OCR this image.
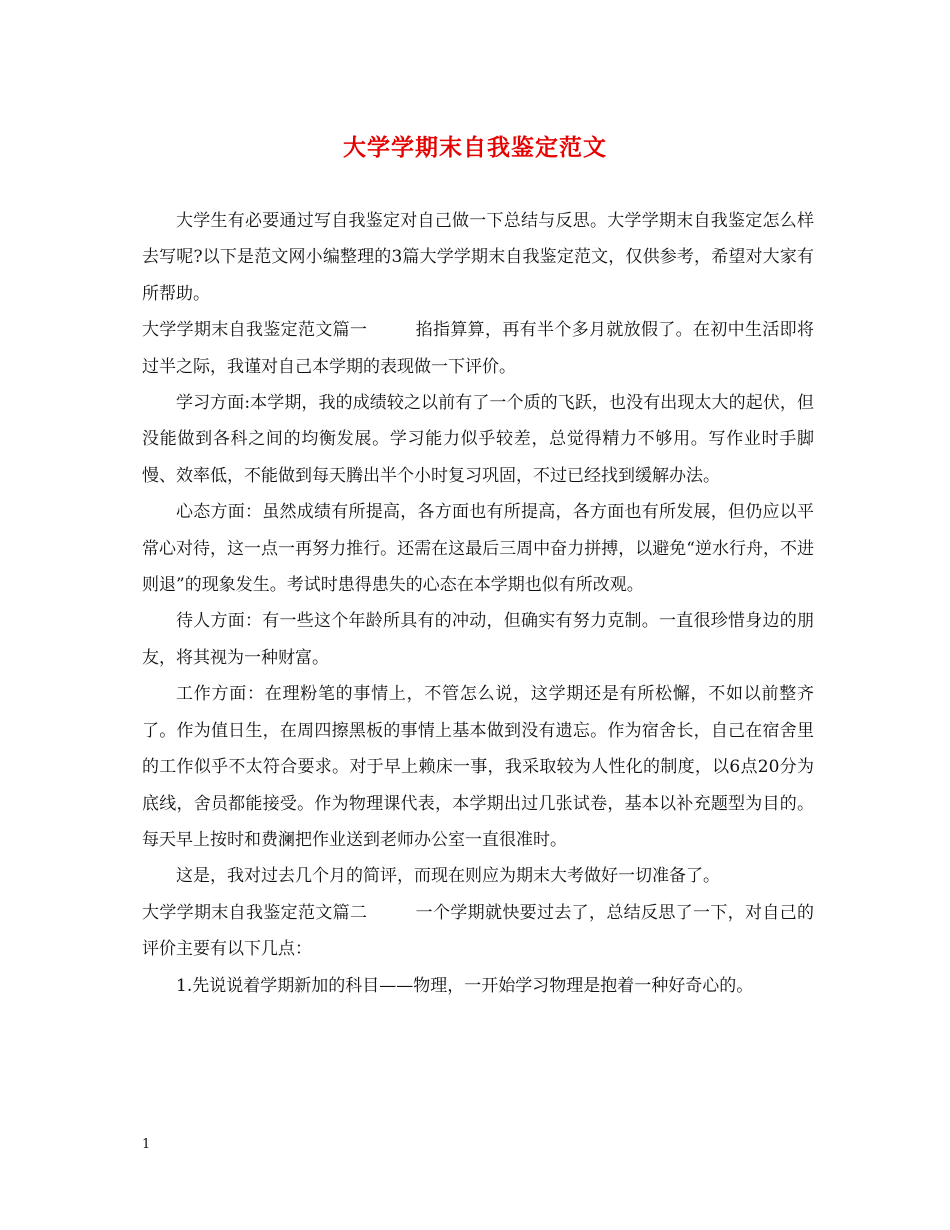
大学学期末自我鉴定范文

大学生有必要通过写自我鉴定对自己做一下总结与反思。大学学期末自我鉴定怎么样去写呢?以下是范文网小编整理的3篇大学学期末自我鉴定范文，仅供参考，希望对大家有所帮助。

大学学期末自我鉴定范文篇一	掐指算算，再有半个多月就放假了。在初中生活即将过半之际，我谨对自己本学期的表现做一下评价。

学习方面:本学期，我的成绩较之以前有了一个质的飞跃，也没有出现太大的起伏，但没能做到各科之间的均衡发展。学习能力似乎较差，总觉得精力不够用。写作业时手脚慢、效率低，不能做到每天腾出半个小时复习巩固，不过已经找到缓解办法。

心态方面：虽然成绩有所提高，各方面也有所提高，各方面也有所发展，但仍应以平常心对待，这一点一再努力推行。还需在这最后三周中奋力拼搏，以避免“逆水行舟，不进则退”的现象发生。考试时患得患失的心态在本学期也似有所改观。

待人方面：有一些这个年龄所具有的冲动，但确实有努力克制。一直很珍惜身边的朋友，将其视为一种财富。

工作方面：在理粉笔的事情上，不管怎么说，这学期还是有所松懈，不如以前整齐了。作为值日生，在周四擦黑板的事情上基本做到没有遗忘。作为宿舍长，自己在宿舍里的工作似乎不太符合要求。对于早上赖床一事，我采取较为人性化的制度，以6点20分为底线，舍员都能接受。作为物理课代表，本学期出过几张试卷，基本以补充题型为目的。每天早上按时和费澜把作业送到老师办公室一直很准时。

这是，我对过去几个月的简评，而现在则应为期末大考做好一切准备了。

大学学期末自我鉴定范文篇二	一个学期就快要过去了，总结反思了一下，对自己的评价主要有以下几点：

1.先说说着学期新加的科目——物理，一开始学习物理是抱着一种好奇心的。

1
